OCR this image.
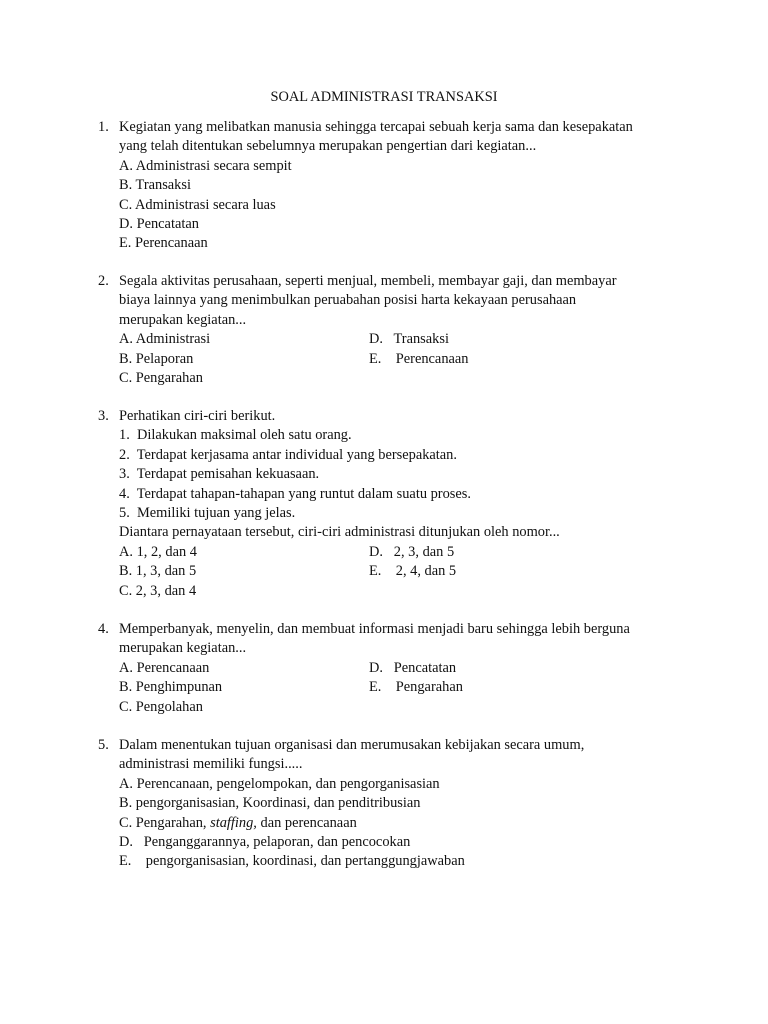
SOAL ADMINISTRASI TRANSAKSI
1. Kegiatan yang melibatkan manusia sehingga tercapai sebuah kerja sama dan kesepakatan
yang telah ditentukan sebelumnya merupakan pengertian dari kegiatan...
A. Administrasi secara sempit
B. Transaksi
C. Administrasi secara luas
D. Pencatatan
E. Perencanaan
2. Segala aktivitas perusahaan, seperti menjual, membeli, membayar gaji, dan membayar
biaya lainnya yang menimbulkan peruabahan posisi harta kekayaan perusahaan
merupakan kegiatan...
A. Administrasi	D.   Transaksi
B. Pelaporan	E.    Perencanaan
C. Pengarahan
3. Perhatikan ciri-ciri berikut.
1.  Dilakukan maksimal oleh satu orang.
2.  Terdapat kerjasama antar individual yang bersepakatan.
3.  Terdapat pemisahan kekuasaan.
4.  Terdapat tahapan-tahapan yang runtut dalam suatu proses.
5.  Memiliki tujuan yang jelas.
Diantara pernayataan tersebut, ciri-ciri administrasi ditunjukan oleh nomor...
A. 1, 2, dan 4	D.   2, 3, dan 5
B. 1, 3, dan 5	E.    2, 4, dan 5
C. 2, 3, dan 4
4. Memperbanyak, menyelin, dan membuat informasi menjadi baru sehingga lebih berguna
merupakan kegiatan...
A. Perencanaan	D.   Pencatatan
B. Penghimpunan	E.    Pengarahan
C. Pengolahan
5. Dalam menentukan tujuan organisasi dan merumusakan kebijakan secara umum,
administrasi memiliki fungsi.....
A. Perencanaan, pengelompokan, dan pengorganisasian
B. pengorganisasian, Koordinasi, dan penditribusian
C. Pengarahan, staffing, dan perencanaan
D.   Penganggarannya, pelaporan, dan pencocokan
E.    pengorganisasian, koordinasi, dan pertanggungjawaban
